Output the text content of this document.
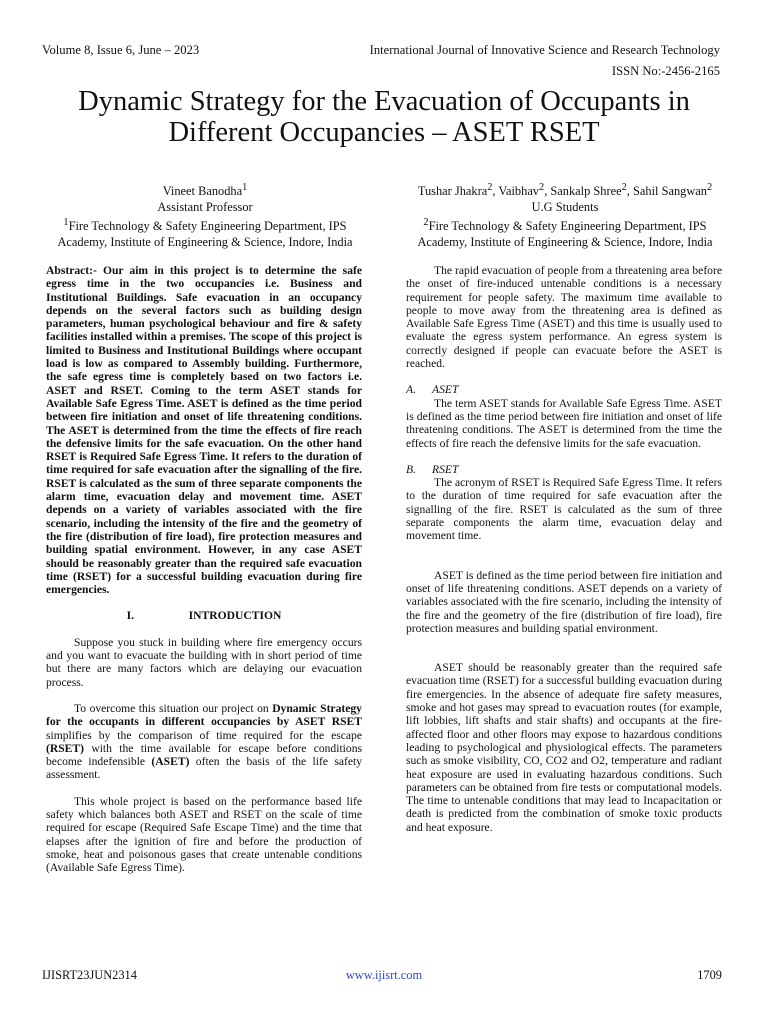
Volume 8, Issue 6, June – 2023	International Journal of Innovative Science and Research Technology
ISSN No:-2456-2165
Dynamic Strategy for the Evacuation of Occupants in
Different Occupancies – ASET RSET
Vineet Banodha$^1$
Assistant Professor
$^1$Fire Technology & Safety Engineering Department, IPS
Academy, Institute of Engineering & Science, Indore, India
Tushar Jhakra$^2$, Vaibhav$^2$, Sankalp Shree$^2$, Sahil Sangwan$^2$
U.G Students
$^2$Fire Technology & Safety Engineering Department, IPS
Academy, Institute of Engineering & Science, Indore, India

Abstract:- Our aim in this project is to determine the safe egress time in the two occupancies i.e. Business and Institutional Buildings. Safe evacuation in an occupancy depends on the several factors such as building design parameters, human psychological behaviour and fire & safety facilities installed within a premises. The scope of this project is limited to Business and Institutional Buildings where occupant load is low as compared to Assembly building. Furthermore, the safe egress time is completely based on two factors i.e. ASET and RSET. Coming to the term ASET stands for Available Safe Egress Time. ASET is defined as the time period between fire initiation and onset of life threatening conditions. The ASET is determined from the time the effects of fire reach the defensive limits for the safe evacuation. On the other hand RSET is Required Safe Egress Time. It refers to the duration of time required for safe evacuation after the signalling of the fire. RSET is calculated as the sum of three separate components the alarm time, evacuation delay and movement time. ASET depends on a variety of variables associated with the fire scenario, including the intensity of the fire and the geometry of the fire (distribution of fire load), fire protection measures and building spatial environment. However, in any case ASET should be reasonably greater than the required safe evacuation time (RSET) for a successful building evacuation during fire emergencies.

I.	INTRODUCTION

Suppose you stuck in building where fire emergency occurs and you want to evacuate the building with in short period of time but there are many factors which are delaying our evacuation process.

To overcome this situation our project on Dynamic Strategy for the occupants in different occupancies by ASET RSET simplifies by the comparison of time required for the escape (RSET) with the time available for escape before conditions become indefensible (ASET) often the basis of the life safety assessment.

This whole project is based on the performance based life safety which balances both ASET and RSET on the scale of time required for escape (Required Safe Escape Time) and the time that elapses after the ignition of fire and before the production of smoke, heat and poisonous gases that create untenable conditions (Available Safe Egress Time).

The rapid evacuation of people from a threatening area before the onset of fire-induced untenable conditions is a necessary requirement for people safety. The maximum time available to people to move away from the threatening area is defined as Available Safe Egress Time (ASET) and this time is usually used to evaluate the egress system performance. An egress system is correctly designed if people can evacuate before the ASET is reached.

A. ASET

The term ASET stands for Available Safe Egress Time. ASET is defined as the time period between fire initiation and onset of life threatening conditions. The ASET is determined from the time the effects of fire reach the defensive limits for the safe evacuation.

B. RSET

The acronym of RSET is Required Safe Egress Time. It refers to the duration of time required for safe evacuation after the signalling of the fire. RSET is calculated as the sum of three separate components the alarm time, evacuation delay and movement time.

ASET is defined as the time period between fire initiation and onset of life threatening conditions. ASET depends on a variety of variables associated with the fire scenario, including the intensity of the fire and the geometry of the fire (distribution of fire load), fire protection measures and building spatial environment.

ASET should be reasonably greater than the required safe evacuation time (RSET) for a successful building evacuation during fire emergencies. In the absence of adequate fire safety measures, smoke and hot gases may spread to evacuation routes (for example, lift lobbies, lift shafts and stair shafts) and occupants at the fire-affected floor and other floors may expose to hazardous conditions leading to psychological and physiological effects. The parameters such as smoke visibility, CO, CO2 and O2, temperature and radiant heat exposure are used in evaluating hazardous conditions. Such parameters can be obtained from fire tests or computational models. The time to untenable conditions that may lead to Incapacitation or death is predicted from the combination of smoke toxic products and heat exposure.

IJISRT23JUN2314	www.ijisrt.com	1709
